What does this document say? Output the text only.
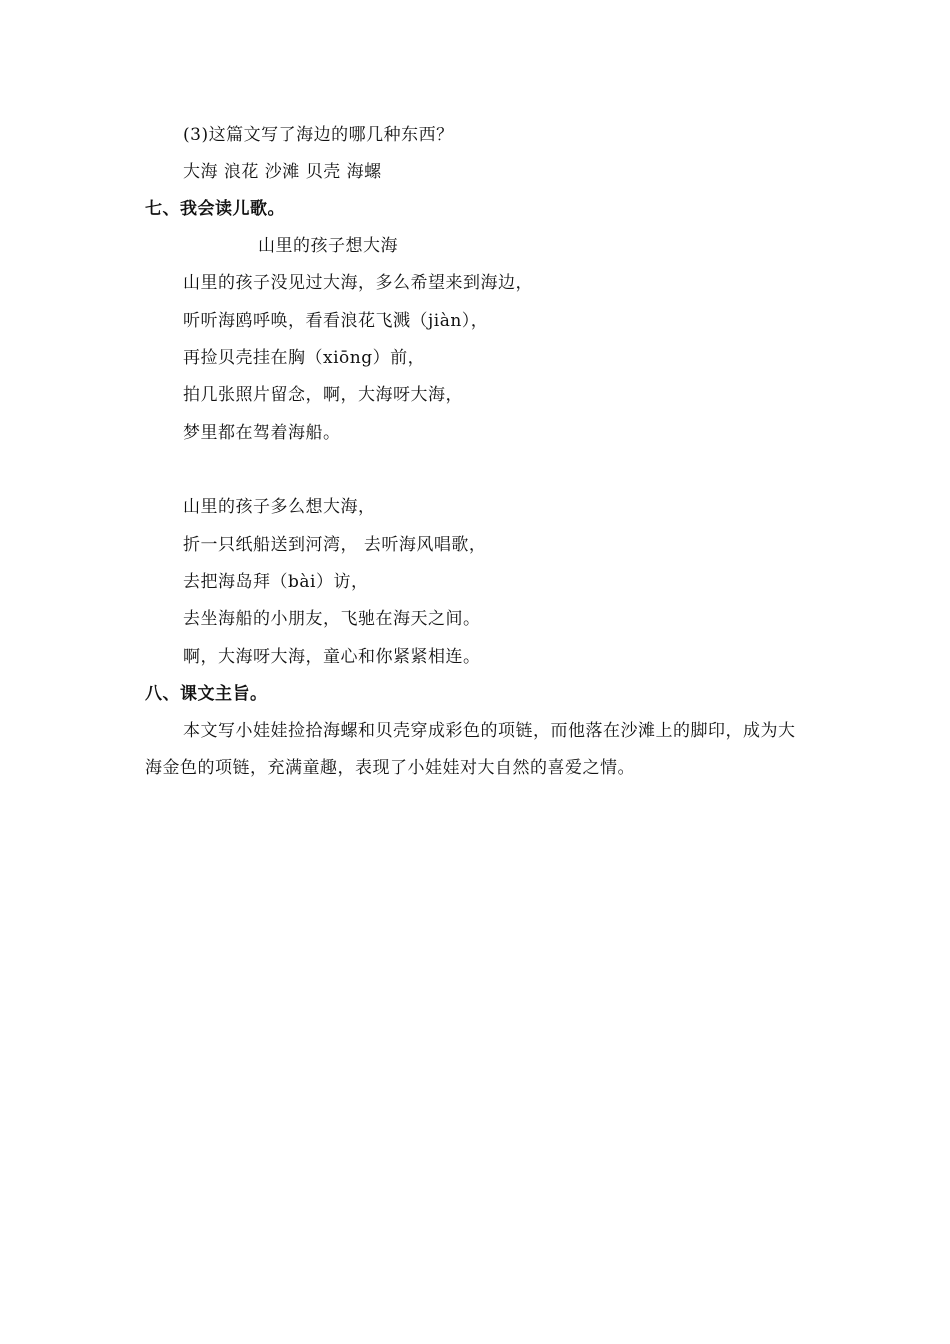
(3)这篇文写了海边的哪几种东西？
大海 浪花 沙滩 贝壳 海螺
七、我会读儿歌。
山里的孩子想大海
山里的孩子没见过大海，多么希望来到海边，
听听海鸥呼唤，看看浪花飞溅（jiàn），
再捡贝壳挂在胸（xiōng）前，
拍几张照片留念，啊，大海呀大海，
梦里都在驾着海船。
山里的孩子多么想大海，
折一只纸船送到河湾， 去听海风唱歌，
去把海岛拜（bài）访，
去坐海船的小朋友，飞驰在海天之间。
啊，大海呀大海，童心和你紧紧相连。
八、课文主旨。
本文写小娃娃捡拾海螺和贝壳穿成彩色的项链，而他落在沙滩上的脚印，成为大海金色的项链，充满童趣，表现了小娃娃对大自然的喜爱之情。
